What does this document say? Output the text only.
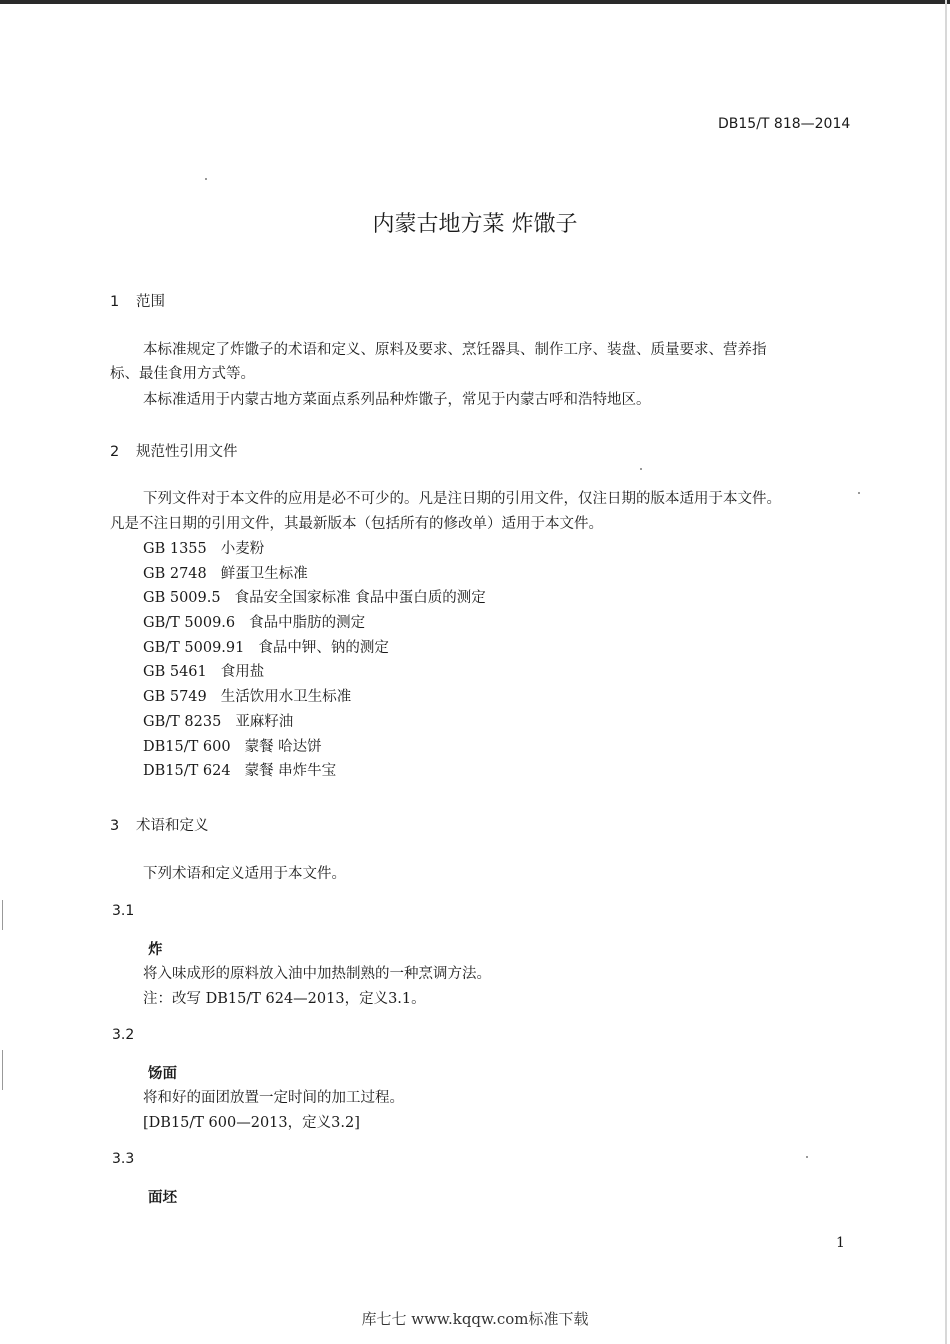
DB15/T 818—2014
内蒙古地方菜 炸馓子
1 范围
本标准规定了炸馓子的术语和定义、原料及要求、烹饪器具、制作工序、装盘、质量要求、营养指
标、最佳食用方式等。
本标准适用于内蒙古地方菜面点系列品种炸馓子，常见于内蒙古呼和浩特地区。
2 规范性引用文件
下列文件对于本文件的应用是必不可少的。凡是注日期的引用文件，仅注日期的版本适用于本文件。
凡是不注日期的引用文件，其最新版本（包括所有的修改单）适用于本文件。
GB 1355 小麦粉
GB 2748 鲜蛋卫生标准
GB 5009.5 食品安全国家标准 食品中蛋白质的测定
GB/T 5009.6 食品中脂肪的测定
GB/T 5009.91 食品中钾、钠的测定
GB 5461 食用盐
GB 5749 生活饮用水卫生标准
GB/T 8235 亚麻籽油
DB15/T 600 蒙餐 哈达饼
DB15/T 624 蒙餐 串炸牛宝
3 术语和定义
下列术语和定义适用于本文件。
3.1
炸
将入味成形的原料放入油中加热制熟的一种烹调方法。
注：改写 DB15/T 624—2013，定义3.1。
3.2
饧面
将和好的面团放置一定时间的加工过程。
[DB15/T 600—2013，定义3.2]
3.3
面坯
1
库七七 www.kqqw.com标准下载
